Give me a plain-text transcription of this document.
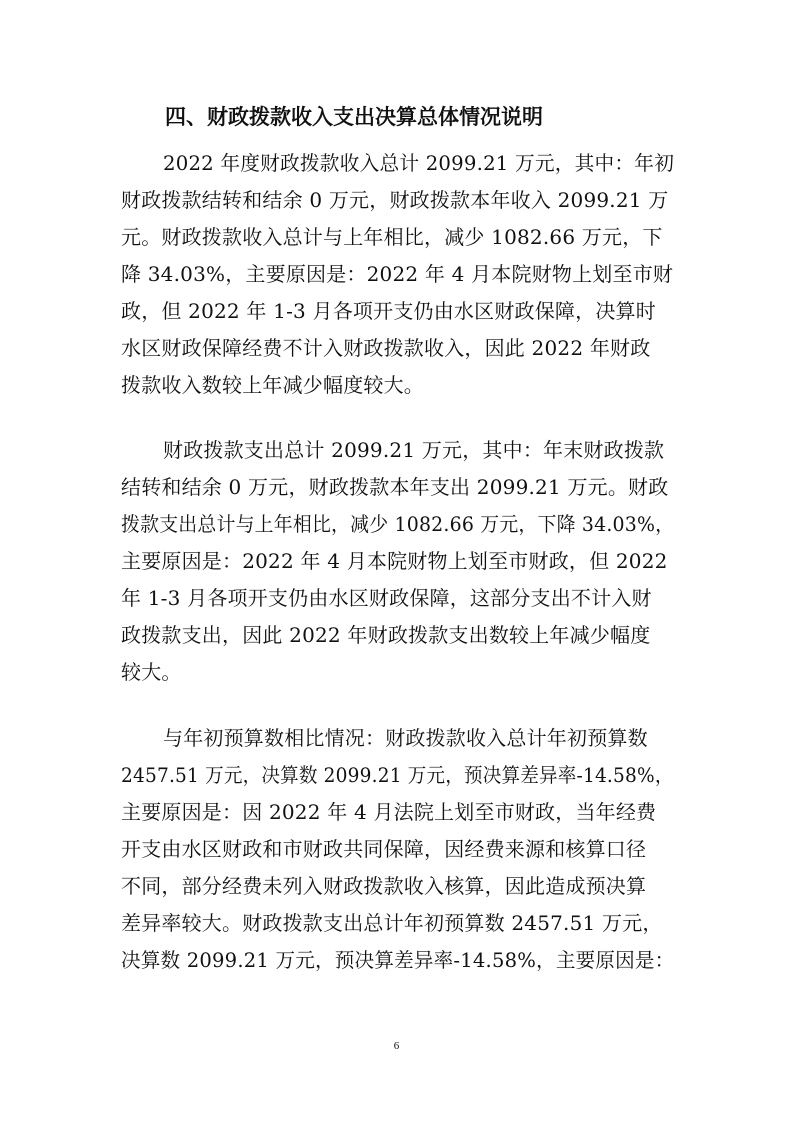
四、财政拨款收入支出决算总体情况说明
2022 年度财政拨款收入总计 2099.21 万元，其中：年初
财政拨款结转和结余 0 万元，财政拨款本年收入 2099.21 万
元。财政拨款收入总计与上年相比，减少 1082.66 万元，下
降 34.03%，主要原因是：2022 年 4 月本院财物上划至市财
政，但 2022 年 1-3 月各项开支仍由水区财政保障，决算时
水区财政保障经费不计入财政拨款收入，因此 2022 年财政
拨款收入数较上年减少幅度较大。
财政拨款支出总计 2099.21 万元，其中：年末财政拨款
结转和结余 0 万元，财政拨款本年支出 2099.21 万元。财政
拨款支出总计与上年相比，减少 1082.66 万元，下降 34.03%，
主要原因是：2022 年 4 月本院财物上划至市财政，但 2022
年 1-3 月各项开支仍由水区财政保障，这部分支出不计入财
政拨款支出，因此 2022 年财政拨款支出数较上年减少幅度
较大。
与年初预算数相比情况：财政拨款收入总计年初预算数
2457.51 万元，决算数 2099.21 万元，预决算差异率-14.58%，
主要原因是：因 2022 年 4 月法院上划至市财政，当年经费
开支由水区财政和市财政共同保障，因经费来源和核算口径
不同，部分经费未列入财政拨款收入核算，因此造成预决算
差异率较大。财政拨款支出总计年初预算数 2457.51 万元，
决算数 2099.21 万元，预决算差异率-14.58%，主要原因是：
6
